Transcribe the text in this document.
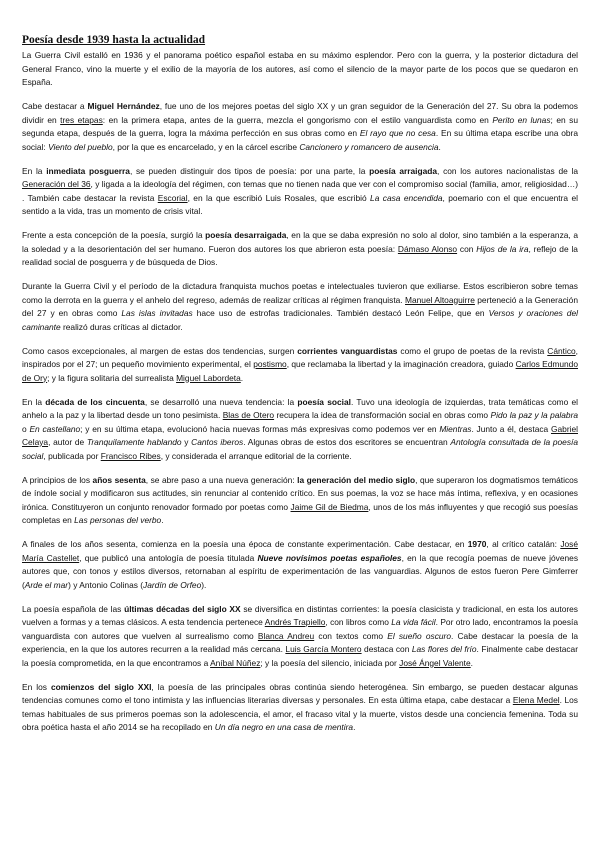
Poesía desde 1939 hasta la actualidad

La Guerra Civil estalló en 1936 y el panorama poético español estaba en su máximo esplendor. Pero con la guerra, y la posterior dictadura del General Franco, vino la muerte y el exilio de la mayoría de los autores, así como el silencio de la mayor parte de los pocos que se quedaron en España.

Cabe destacar a Miguel Hernández, fue uno de los mejores poetas del siglo XX y un gran seguidor de la Generación del 27. Su obra la podemos dividir en tres etapas: en la primera etapa, antes de la guerra, mezcla el gongorismo con el estilo vanguardista como en Perito en lunas; en su segunda etapa, después de la guerra, logra la máxima perfección en sus obras como en El rayo que no cesa. En su última etapa escribe una obra social: Viento del pueblo, por la que es encarcelado, y en la cárcel escribe Cancionero y romancero de ausencia.

En la inmediata posguerra, se pueden distinguir dos tipos de poesía: por una parte, la poesía arraigada, con los autores nacionalistas de la Generación del 36, y ligada a la ideología del régimen, con temas que no tienen nada que ver con el compromiso social (familia, amor, religiosidad…) . También cabe destacar la revista Escorial, en la que escribió Luis Rosales, que escribió La casa encendida, poemario con el que encuentra el sentido a la vida, tras un momento de crisis vital.

Frente a esta concepción de la poesía, surgió la poesía desarraigada, en la que se daba expresión no solo al dolor, sino también a la esperanza, a la soledad y a la desorientación del ser humano. Fueron dos autores los que abrieron esta poesía: Dámaso Alonso con Hijos de la ira, reflejo de la realidad social de posguerra y de búsqueda de Dios.

Durante la Guerra Civil y el período de la dictadura franquista muchos poetas e intelectuales tuvieron que exiliarse. Estos escribieron sobre temas como la derrota en la guerra y el anhelo del regreso, además de realizar críticas al régimen franquista. Manuel Altoaguirre perteneció a la Generación del 27 y en obras como Las islas invitadas hace uso de estrofas tradicionales. También destacó León Felipe, que en Versos y oraciones del caminante realizó duras críticas al dictador.

Como casos excepcionales, al margen de estas dos tendencias, surgen corrientes vanguardistas como el grupo de poetas de la revista Cántico, inspirados por el 27; un pequeño movimiento experimental, el postismo, que reclamaba la libertad y la imaginación creadora, guiado Carlos Edmundo de Ory; y la figura solitaria del surrealista Miguel Labordeta.

En la década de los cincuenta, se desarrolló una nueva tendencia: la poesía social. Tuvo una ideología de izquierdas, trata temáticas como el anhelo a la paz y la libertad desde un tono pesimista. Blas de Otero recupera la idea de transformación social en obras como Pido la paz y la palabra o En castellano; y en su última etapa, evolucionó hacia nuevas formas más expresivas como podemos ver en Mientras. Junto a él, destaca Gabriel Celaya, autor de Tranquilamente hablando y Cantos iberos. Algunas obras de estos dos escritores se encuentran Antología consultada de la poesía social, publicada por Francisco Ribes, y considerada el arranque editorial de la corriente.

A principios de los años sesenta, se abre paso a una nueva generación: la generación del medio siglo, que superaron los dogmatismos temáticos de índole social y modificaron sus actitudes, sin renunciar al contenido crítico. En sus poemas, la voz se hace más íntima, reflexiva, y en ocasiones irónica. Constituyeron un conjunto renovador formado por poetas como Jaime Gil de Biedma, unos de los más influyentes y que recogió sus poesías completas en Las personas del verbo.

A finales de los años sesenta, comienza en la poesía una época de constante experimentación. Cabe destacar, en 1970, al crítico catalán: José María Castellet, que publicó una antología de poesía titulada Nueve novísimos poetas españoles, en la que recogía poemas de nueve jóvenes autores que, con tonos y estilos diversos, retornaban al espíritu de experimentación de las vanguardias. Algunos de estos fueron Pere Gimferrer (Arde el mar) y Antonio Colinas (Jardín de Orfeo).

La poesía española de las últimas décadas del siglo XX se diversifica en distintas corrientes: la poesía clasicista y tradicional, en esta los autores vuelven a formas y a temas clásicos. A esta tendencia pertenece Andrés Trapiello, con libros como La vida fácil. Por otro lado, encontramos la poesía vanguardista con autores que vuelven al surrealismo como Blanca Andreu con textos como El sueño oscuro. Cabe destacar la poesía de la experiencia, en la que los autores recurren a la realidad más cercana. Luis García Montero destaca con Las flores del frío. Finalmente cabe destacar la poesía comprometida, en la que encontramos a Aníbal Núñez; y la poesía del silencio, iniciada por José Ángel Valente.

En los comienzos del siglo XXI, la poesía de las principales obras continúa siendo heterogénea. Sin embargo, se pueden destacar algunas tendencias comunes como el tono intimista y las influencias literarias diversas y personales. En esta última etapa, cabe destacar a Elena Medel. Los temas habituales de sus primeros poemas son la adolescencia, el amor, el fracaso vital y la muerte, vistos desde una conciencia femenina. Toda su obra poética hasta el año 2014 se ha recopilado en Un día negro en una casa de mentira.
